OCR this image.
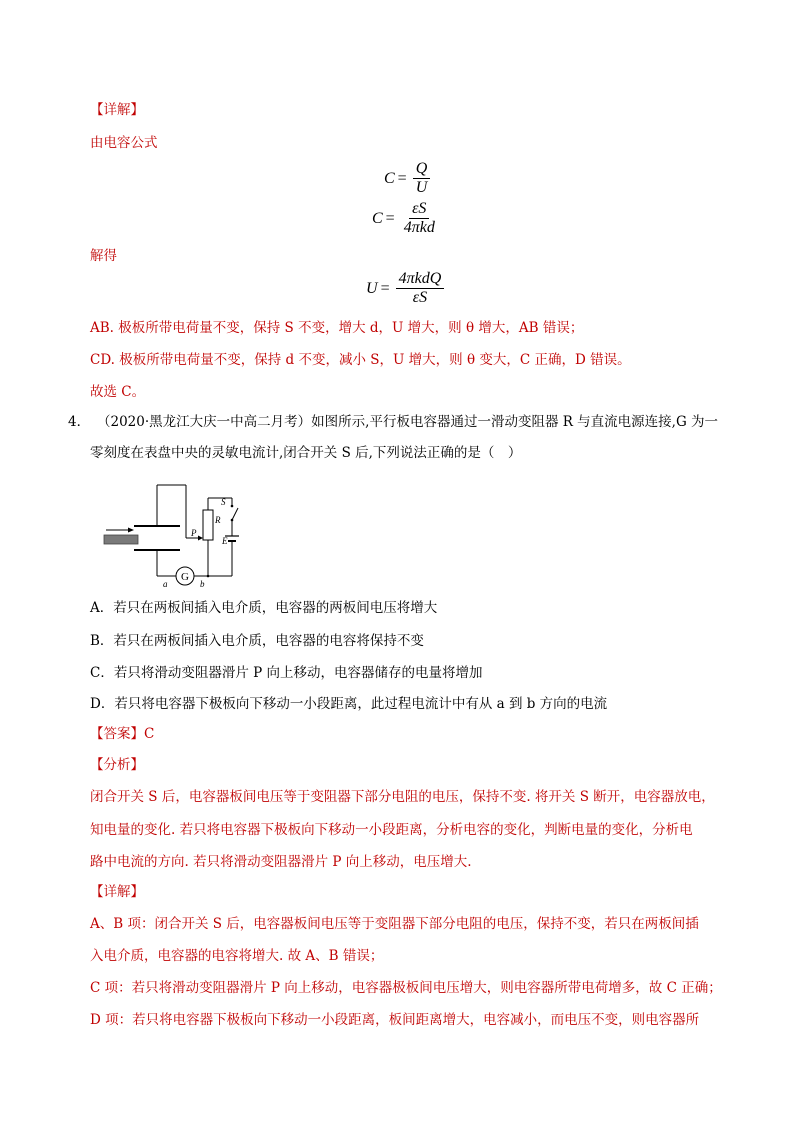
【详解】
由电容公式
$C = \frac{Q}{U}$
$C = \frac{\varepsilon S}{\text{4πkd}}$
解得
$U = \frac{\text{4πkdQ}}{\varepsilon S}$
AB. 极板所带电荷量不变，保持 S 不变，增大 d，U 增大，则 θ 增大，AB 错误；
CD. 极板所带电荷量不变，保持 d 不变，减小 S，U 增大，则 θ 变大，C 正确，D 错误。
故选 C。
4． （2020·黑龙江大庆一中高二月考）如图所示,平行板电容器通过一滑动变阻器 R 与直流电源连接,G 为一
零刻度在表盘中央的灵敏电流计,闭合开关 S 后,下列说法正确的是（　）
G
S
R
P
E
a	b
A．若只在两板间插入电介质，电容器的两板间电压将增大
B．若只在两板间插入电介质，电容器的电容将保持不变
C．若只将滑动变阻器滑片 P 向上移动，电容器储存的电量将增加
D．若只将电容器下极板向下移动一小段距离，此过程电流计中有从 a 到 b 方向的电流
【答案】C
【分析】
闭合开关 S 后，电容器板间电压等于变阻器下部分电阻的电压，保持不变. 将开关 S 断开，电容器放电，
知电量的变化. 若只将电容器下极板向下移动一小段距离，分析电容的变化，判断电量的变化，分析电
路中电流的方向. 若只将滑动变阻器滑片 P 向上移动，电压增大.
【详解】
A、B 项：闭合开关 S 后，电容器板间电压等于变阻器下部分电阻的电压，保持不变，若只在两板间插
入电介质，电容器的电容将增大. 故 A、B 错误；
C 项：若只将滑动变阻器滑片 P 向上移动，电容器极板间电压增大，则电容器所带电荷增多，故 C 正确；
D 项：若只将电容器下极板向下移动一小段距离，板间距离增大，电容减小，而电压不变，则电容器所
